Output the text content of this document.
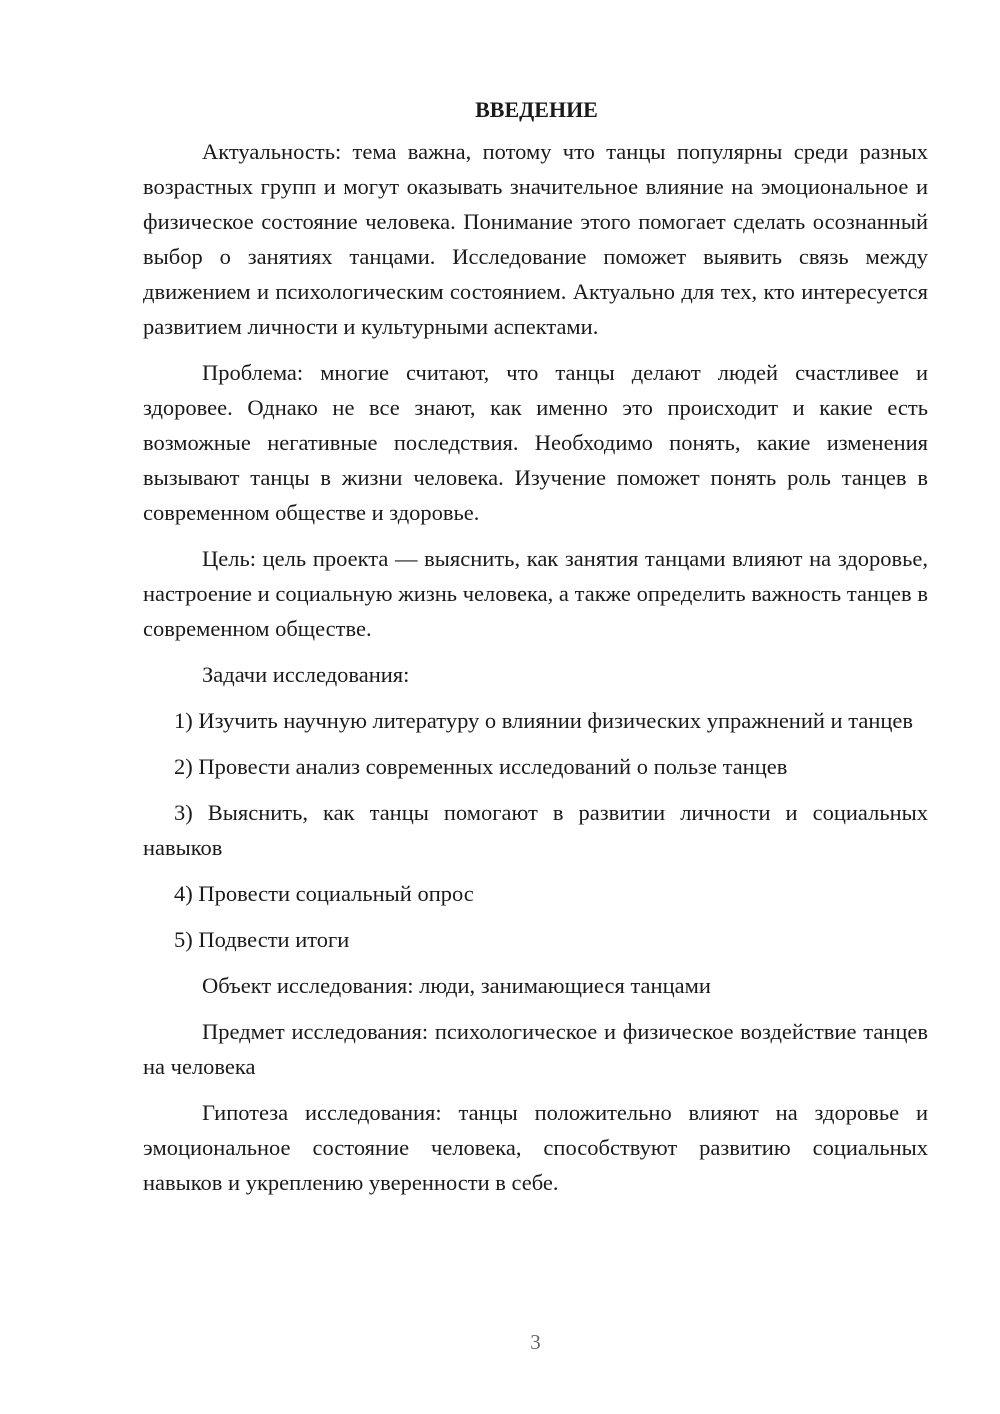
ВВЕДЕНИЕ

Актуальность: тема важна, потому что танцы популярны среди разных возрастных групп и могут оказывать значительное влияние на эмоциональное и физическое состояние человека. Понимание этого помогает сделать осознанный выбор о занятиях танцами. Исследование поможет выявить связь между движением и психологическим состоянием. Актуально для тех, кто интересуется развитием личности и культурными аспектами.

Проблема: многие считают, что танцы делают людей счастливее и здоровее. Однако не все знают, как именно это происходит и какие есть возможные негативные последствия. Необходимо понять, какие изменения вызывают танцы в жизни человека. Изучение поможет понять роль танцев в современном обществе и здоровье.

Цель: цель проекта — выяснить, как занятия танцами влияют на здоровье, настроение и социальную жизнь человека, а также определить важность танцев в современном обществе.

Задачи исследования:

1) Изучить научную литературу о влиянии физических упражнений и танцев

2) Провести анализ современных исследований о пользе танцев

3) Выяснить, как танцы помогают в развитии личности и социальных навыков

4) Провести социальный опрос

5) Подвести итоги

Объект исследования: люди, занимающиеся танцами

Предмет исследования: психологическое и физическое воздействие танцев на человека

Гипотеза исследования: танцы положительно влияют на здоровье и эмоциональное состояние человека, способствуют развитию социальных навыков и укреплению уверенности в себе.

3
